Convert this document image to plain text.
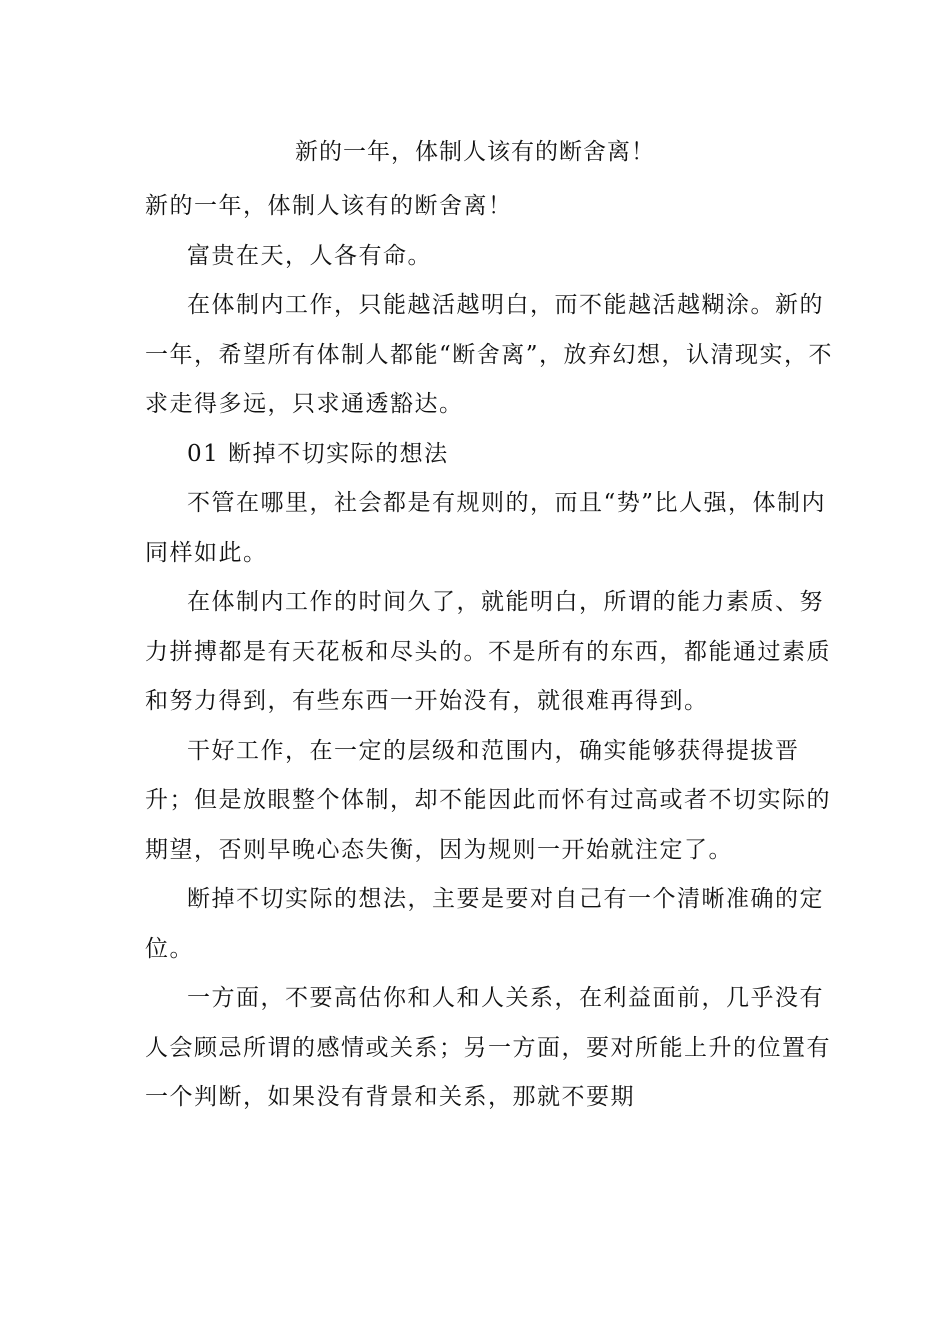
新的一年，体制人该有的断舍离！

新的一年，体制人该有的断舍离！

富贵在天，人各有命。

在体制内工作，只能越活越明白，而不能越活越糊涂。新的一年，希望所有体制人都能“断舍离”，放弃幻想，认清现实，不求走得多远，只求通透豁达。

01 断掉不切实际的想法

不管在哪里，社会都是有规则的，而且“势”比人强，体制内同样如此。

在体制内工作的时间久了，就能明白，所谓的能力素质、努力拼搏都是有天花板和尽头的。不是所有的东西，都能通过素质和努力得到，有些东西一开始没有，就很难再得到。

干好工作，在一定的层级和范围内，确实能够获得提拔晋升；但是放眼整个体制，却不能因此而怀有过高或者不切实际的期望，否则早晚心态失衡，因为规则一开始就注定了。

断掉不切实际的想法，主要是要对自己有一个清晰准确的定位。

一方面，不要高估你和人和人关系，在利益面前，几乎没有人会顾忌所谓的感情或关系；另一方面，要对所能上升的位置有一个判断，如果没有背景和关系，那就不要期
